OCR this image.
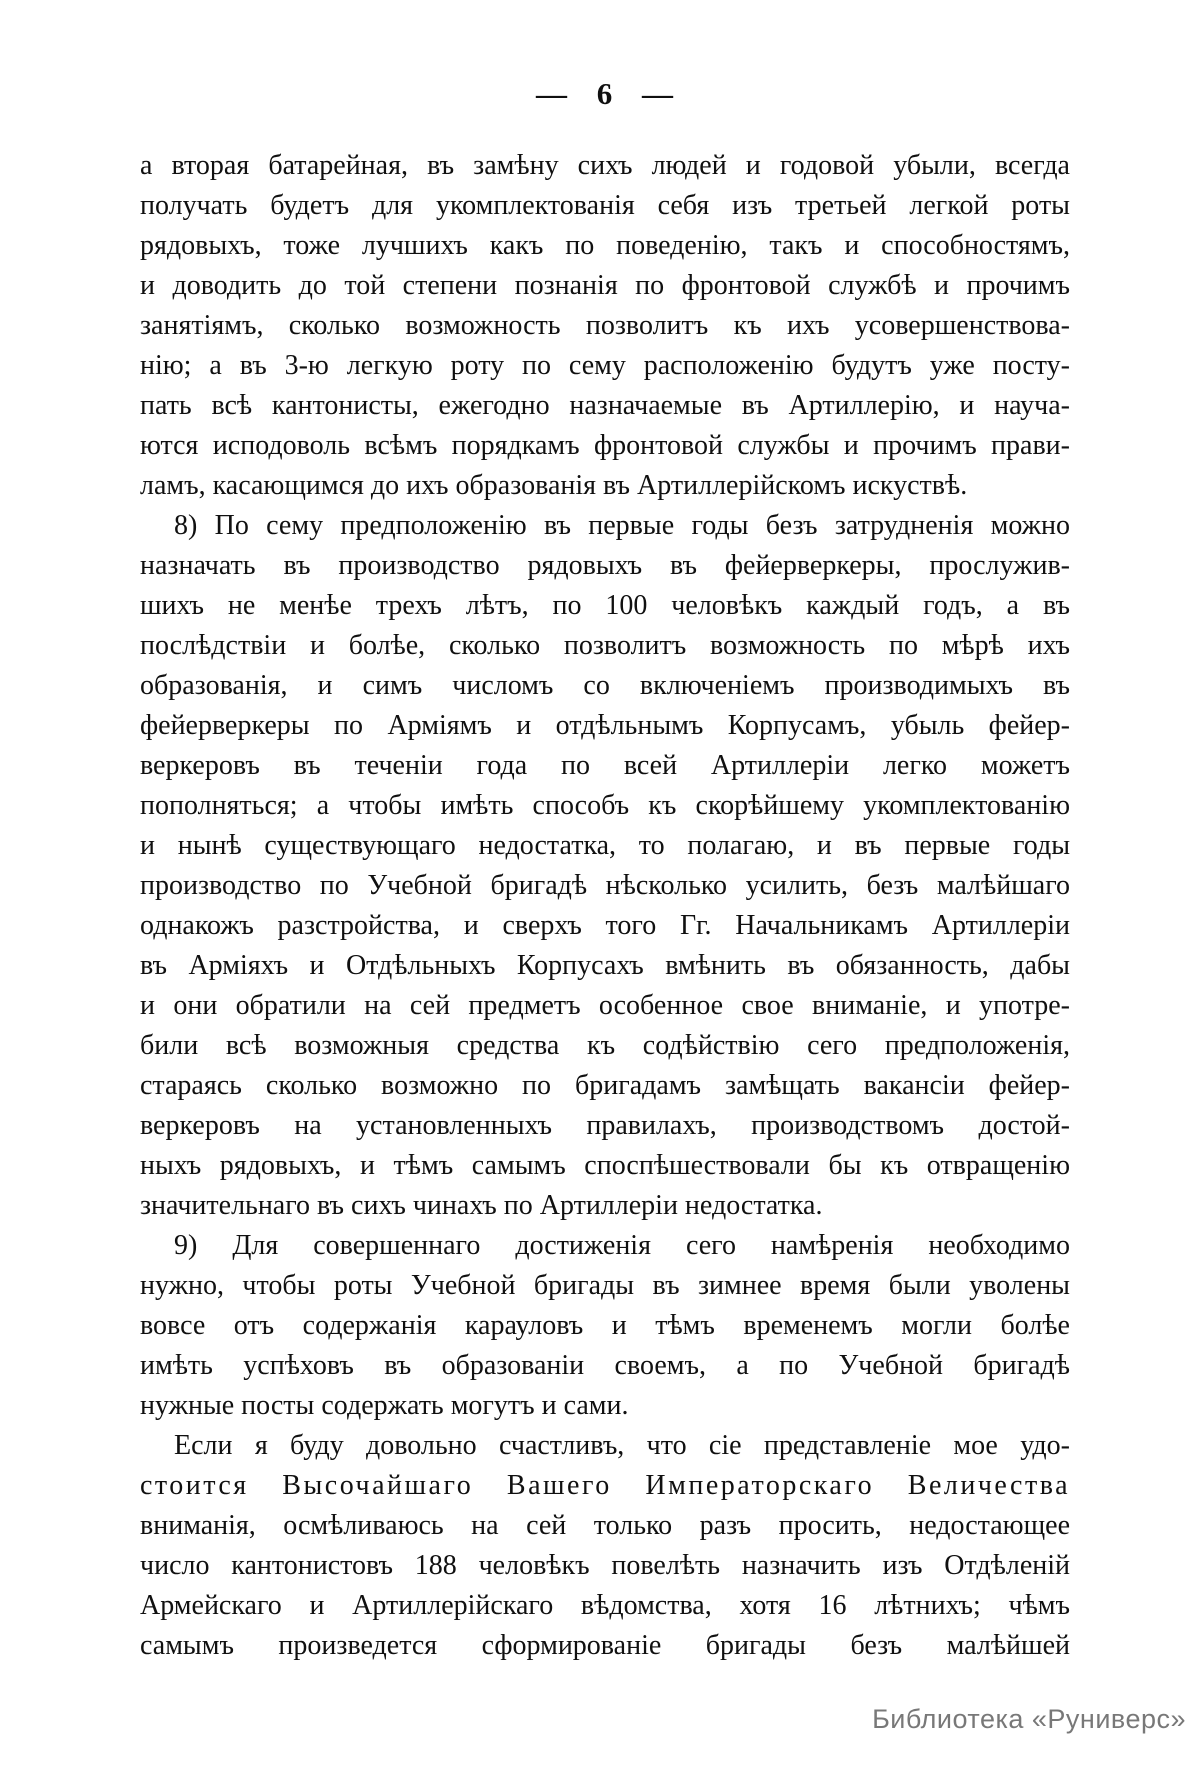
— 6 —
а вторая батарейная, въ замѣну сихъ людей и годовой убыли, всегда
получать будетъ для укомплектованія себя изъ третьей легкой роты
рядовыхъ, тоже лучшихъ какъ по поведенію, такъ и способностямъ,
и доводить до той степени познанія по фронтовой службѣ и прочимъ
занятіямъ, сколько возможность позволитъ къ ихъ усовершенствова-
нію; а въ 3-ю легкую роту по сему расположенію будутъ уже посту-
пать всѣ кантонисты, ежегодно назначаемые въ Артиллерію, и науча-
ются исподоволь всѣмъ порядкамъ фронтовой службы и прочимъ прави-
ламъ, касающимся до ихъ образованія въ Артиллерійскомъ искуствѣ.
8) По сему предположенію въ первые годы безъ затрудненія можно
назначать въ производство рядовыхъ въ фейерверкеры, прослужив-
шихъ не менѣе трехъ лѣтъ, по 100 человѣкъ каждый годъ, а въ
послѣдствіи и болѣе, сколько позволитъ возможность по мѣрѣ ихъ
образованія, и симъ числомъ со включеніемъ производимыхъ въ
фейерверкеры по Арміямъ и отдѣльнымъ Корпусамъ, убыль фейер-
веркеровъ въ теченіи года по всей Артиллеріи легко можетъ
пополняться; а чтобы имѣть способъ къ скорѣйшему укомплектованію
и нынѣ существующаго недостатка, то полагаю, и въ первые годы
производство по Учебной бригадѣ нѣсколько усилить, безъ малѣйшаго
однакожъ разстройства, и сверхъ того Гг. Начальникамъ Артиллеріи
въ Арміяхъ и Отдѣльныхъ Корпусахъ вмѣнить въ обязанность, дабы
и они обратили на сей предметъ особенное свое вниманіе, и употре-
били всѣ возможныя средства къ содѣйствію сего предположенія,
стараясь сколько возможно по бригадамъ замѣщать вакансіи фейер-
веркеровъ на установленныхъ правилахъ, производствомъ достой-
ныхъ рядовыхъ, и тѣмъ самымъ споспѣшествовали бы къ отвращенію
значительнаго въ сихъ чинахъ по Артиллеріи недостатка.
9) Для совершеннаго достиженія сего намѣренія необходимо
нужно, чтобы роты Учебной бригады въ зимнее время были уволены
вовсе отъ содержанія карауловъ и тѣмъ временемъ могли болѣе
имѣть успѣховъ въ образованіи своемъ, а по Учебной бригадѣ
нужные посты содержать могутъ и сами.
Если я буду довольно счастливъ, что сіе представленіе мое удо-
стоится Высочайшаго Вашего Императорскаго Величества
вниманія, осмѣливаюсь на сей только разъ просить, недостающее
число кантонистовъ 188 человѣкъ повелѣть назначить изъ Отдѣленій
Армейскаго и Артиллерійскаго вѣдомства, хотя 16 лѣтнихъ; чѣмъ
самымъ произведется сформированіе бригады безъ малѣйшей
Библиотека «Руниверс»
